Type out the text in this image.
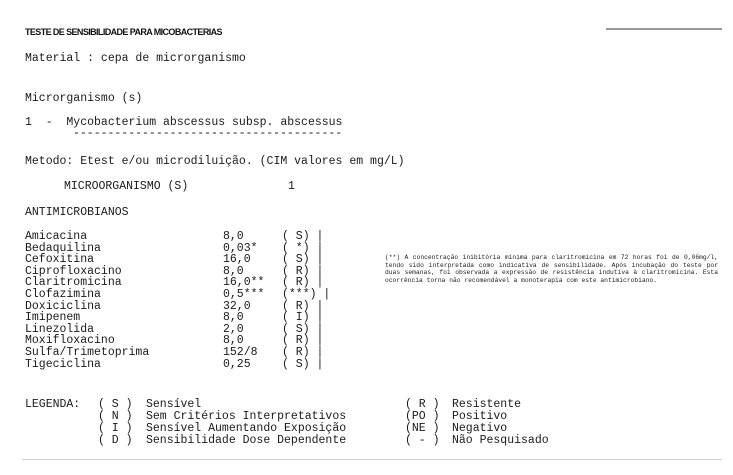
TESTE DE SENSIBILIDADE PARA MICOBACTERIAS
Material : cepa de microrganismo
Microrganismo (s)
1  -  Mycobacterium abscessus subsp. abscessus
---------------------------------------
Metodo: Etest e/ou microdiluição. (CIM valores em mg/L)
MICROORGANISMO (S)	1
ANTIMICROBIANOS
Amicacina	8,0	( S) |
Bedaquilina	0,03* ( *) |
Cefoxitina	16,0	( S) |
Ciprofloxacino	8,0	( R) |
Claritromicina	16,0** ( R) |
Clofazimina	0,5*** (***) |
Doxiciclina	32,0	( R) |
Imipenem	8,0	( I) |
Linezolida	2,0	( S) |
Moxifloxacino	8,0	( R) |
Sulfa/Trimetoprima	152/8 ( R) |
Tigeciclina	0,25	( S) |
(**) A concentração inibitória mínima para claritromicina em 72 horas foi de 0,06mg/l, tendo sido interpretada como indicativa de sensibilidade. Após incubação do teste por duas semanas, foi observada a expressão de resistência indutiva à claritromicina. Esta ocorrência torna não recomendável a monoterapia com este antimicrobiano.
LEGENDA: ( S ) Sensível
( N ) Sem Critérios Interpretativos
( I ) Sensível Aumentando Exposição
( D ) Sensibilidade Dose Dependente
( R ) Resistente
(PO ) Positivo
(NE ) Negativo
( - ) Não Pesquisado
